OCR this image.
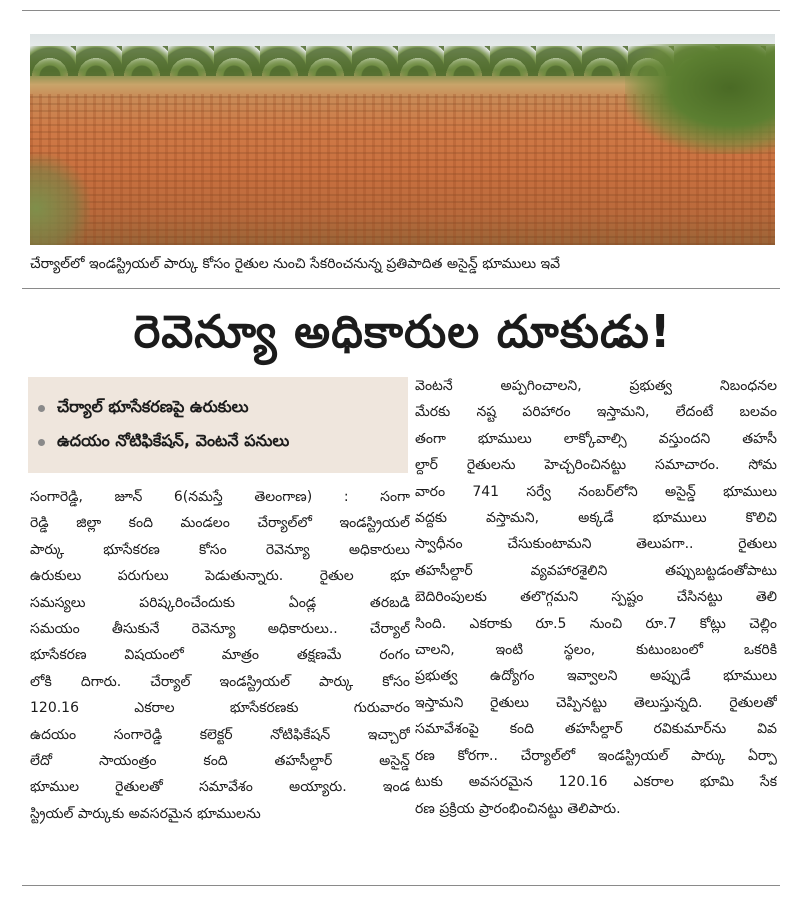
చేర్యాల్‌లో ఇండస్ట్రియల్ పార్కు కోసం రైతుల నుంచి సేకరించనున్న ప్రతిపాదిత అసైన్డ్ భూములు ఇవే
రెవెన్యూ అధికారుల దూకుడు!
చేర్యాల్ భూసేకరణపై ఉరుకులు
ఉదయం నోటిఫికేషన్, వెంటనే పనులు
సంగారెడ్డి, జూన్ 6(నమస్తే తెలంగాణ) : సంగా
రెడ్డి జిల్లా కంది మండలం చేర్యాల్‌లో ఇండస్ట్రియల్
పార్కు భూసేకరణ కోసం రెవెన్యూ అధికారులు
ఉరుకులు పరుగులు పెడుతున్నారు. రైతుల భూ
సమస్యలు పరిష్కరించేందుకు ఏండ్ల తరబడి
సమయం తీసుకునే రెవెన్యూ అధికారులు.. చేర్యాల్
భూసేకరణ విషయంలో మాత్రం తక్షణమే రంగం
లోకి దిగారు. చేర్యాల్ ఇండస్ట్రియల్ పార్కు కోసం
120.16 ఎకరాల భూసేకరణకు గురువారం
ఉదయం సంగారెడ్డి కలెక్టర్ నోటిఫికేషన్ ఇచ్చారో
లేదో సాయంత్రం కంది తహసీల్దార్ అసైన్డ్
భూముల రైతులతో సమావేశం అయ్యారు. ఇండ
స్ట్రియల్ పార్కుకు అవసరమైన భూములను
వెంటనే అప్పగించాలని, ప్రభుత్వ నిబంధనల
మేరకు నష్ట పరిహారం ఇస్తామని, లేదంటే బలవం
తంగా భూములు లాక్కోవాల్సి వస్తుందని తహసీ
ల్దార్ రైతులను హెచ్చరించినట్టు సమాచారం. సోమ
వారం 741 సర్వే నంబర్‌లోని అసైన్డ్ భూములు
వద్దకు వస్తామని, అక్కడే భూములు కొలిచి
స్వాధీనం చేసుకుంటామని తెలుపగా.. రైతులు
తహసీల్దార్ వ్యవహారశైలిని తప్పుబట్టడంతోపాటు
బెదిరింపులకు తలొగ్గమని స్పష్టం చేసినట్టు తెలి
సింది. ఎకరాకు రూ.5 నుంచి రూ.7 కోట్లు చెల్లిం
చాలని, ఇంటి స్థలం, కుటుంబంలో ఒకరికి
ప్రభుత్వ ఉద్యోగం ఇవ్వాలని అప్పుడే భూములు
ఇస్తామని రైతులు చెప్పినట్టు తెలుస్తున్నది. రైతులతో
సమావేశంపై కంది తహసీల్దార్ రవికుమార్‌ను వివ
రణ కోరగా.. చేర్యాల్‌లో ఇండస్ట్రియల్ పార్కు ఏర్పా
టుకు అవసరమైన 120.16 ఎకరాల భూమి సేక
రణ ప్రక్రియ ప్రారంభించినట్టు తెలిపారు.
